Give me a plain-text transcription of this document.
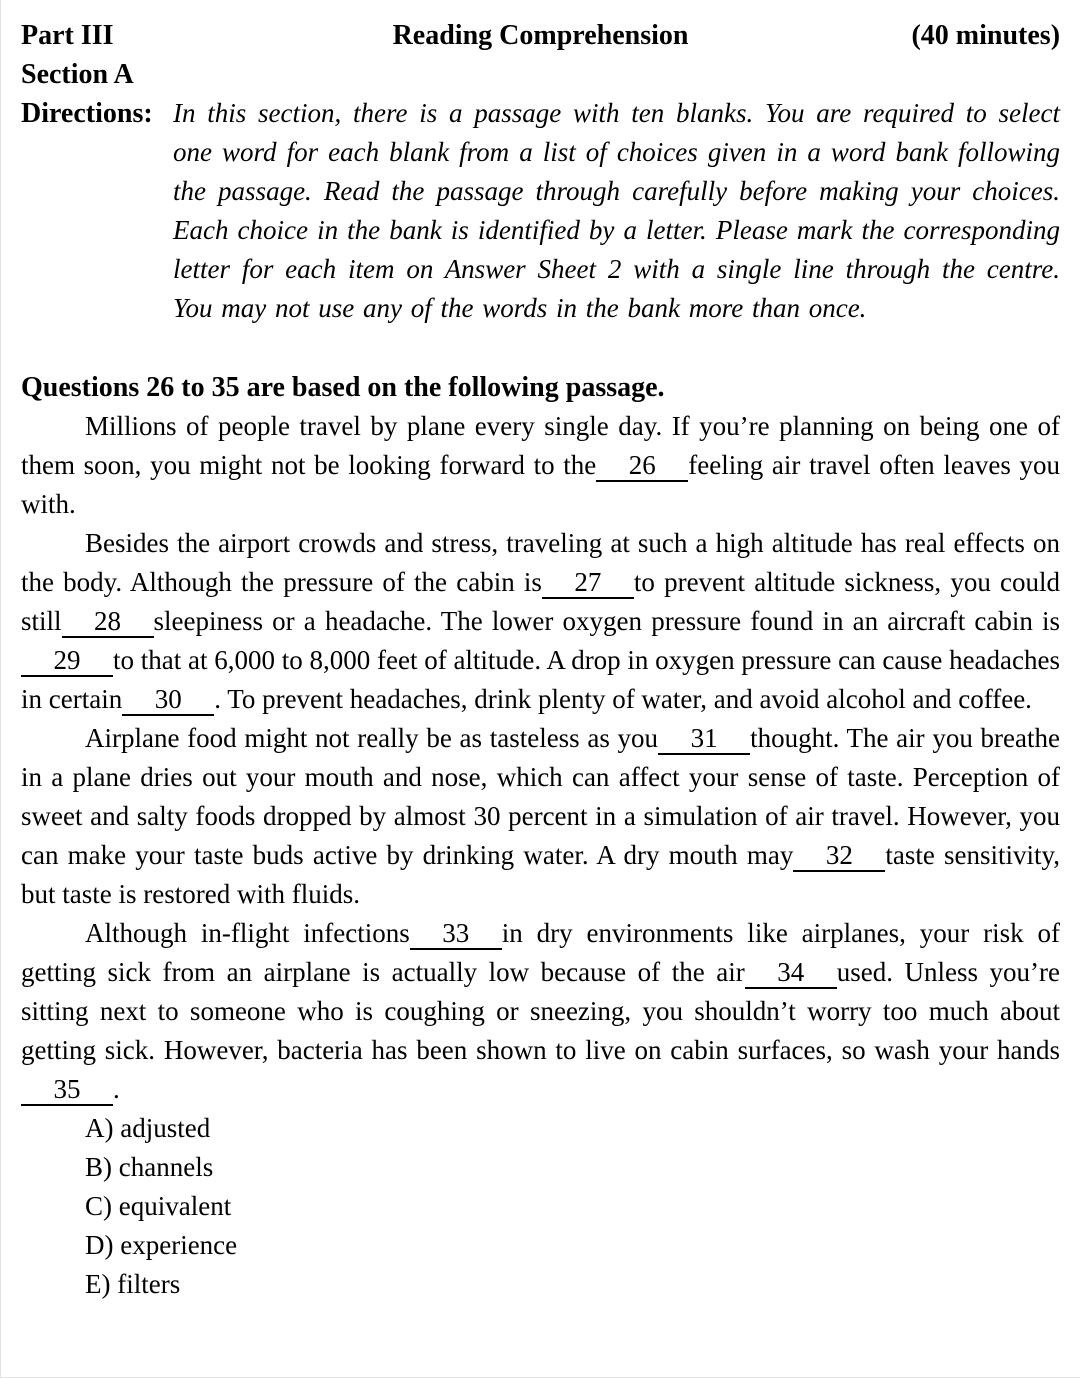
Part III	Reading Comprehension	(40 minutes)
Section A
Directions: In this section, there is a passage with ten blanks. You are required to select one word for each blank from a list of choices given in a word bank following the passage. Read the passage through carefully before making your choices. Each choice in the bank is identified by a letter. Please mark the corresponding letter for each item on Answer Sheet 2 with a single line through the centre. You may not use any of the words in the bank more than once.
Questions 26 to 35 are based on the following passage.

Millions of people travel by plane every single day. If you’re planning on being one of them soon, you might not be looking forward to the 26 feeling air travel often leaves you with.

Besides the airport crowds and stress, traveling at such a high altitude has real effects on the body. Although the pressure of the cabin is 27 to prevent altitude sickness, you could still 28 sleepiness or a headache. The lower oxygen pressure found in an aircraft cabin is29 to that at 6,000 to 8,000 feet of altitude. A drop in oxygen pressure can cause headaches in certain 30 . To prevent headaches, drink plenty of water, and avoid alcohol and coffee.

Airplane food might not really be as tasteless as you 31 thought. The air you breathe in a plane dries out your mouth and nose, which can affect your sense of taste. Perception of sweet and salty foods dropped by almost 30 percent in a simulation of air travel. However, you can make your taste buds active by drinking water. A dry mouth may 32 taste sensitivity, but taste is restored with fluids.

Although in-flight infections 33 in dry environments like airplanes, your risk of getting sick from an airplane is actually low because of the air 34 used. Unless you’re sitting next to someone who is coughing or sneezing, you shouldn’t worry too much about getting sick. However, bacteria has been shown to live on cabin surfaces, so wash your hands35 .

A) adjusted
B) channels
C) equivalent
D) experience
E) filters
